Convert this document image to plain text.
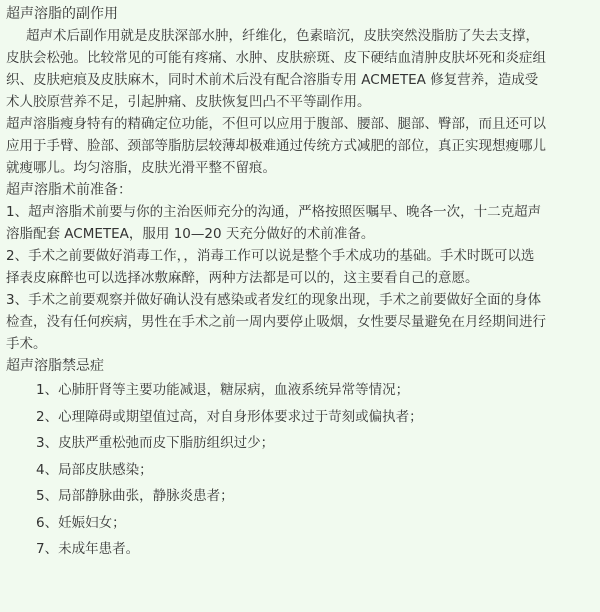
超声溶脂的副作用
超声术后副作用就是皮肤深部水肿，纤维化，色素暗沉，皮肤突然没脂肪了失去支撑，
皮肤会松弛。比较常见的可能有疼痛、水肿、皮肤瘀斑、皮下硬结血清肿皮肤坏死和炎症组
织、皮肤疤痕及皮肤麻木，同时术前术后没有配合溶脂专用 ACMETEA 修复营养，造成受
术人胶原营养不足，引起肿痛、皮肤恢复凹凸不平等副作用。
超声溶脂瘦身特有的精确定位功能，不但可以应用于腹部、腰部、腿部、臀部，而且还可以
应用于手臂、脸部、颈部等脂肪层较薄却极难通过传统方式减肥的部位，真正实现想瘦哪儿
就瘦哪儿。均匀溶脂，皮肤光滑平整不留痕。
超声溶脂术前准备：
1、超声溶脂术前要与你的主治医师充分的沟通，严格按照医嘱早、晚各一次，十二克超声
溶脂配套 ACMETEA，服用 10—20 天充分做好的术前准备。
2、手术之前要做好消毒工作，，消毒工作可以说是整个手术成功的基础。手术时既可以选
择表皮麻醉也可以选择冰敷麻醉，两种方法都是可以的，这主要看自己的意愿。
3、手术之前要观察并做好确认没有感染或者发红的现象出现，手术之前要做好全面的身体
检查，没有任何疾病，男性在手术之前一周内要停止吸烟，女性要尽量避免在月经期间进行
手术。
超声溶脂禁忌症
1、心肺肝肾等主要功能减退，糖尿病，血液系统异常等情况；
2、心理障碍或期望值过高，对自身形体要求过于苛刻或偏执者；
3、皮肤严重松弛而皮下脂肪组织过少；
4、局部皮肤感染；
5、局部静脉曲张，静脉炎患者；
6、妊娠妇女；
7、未成年患者。
